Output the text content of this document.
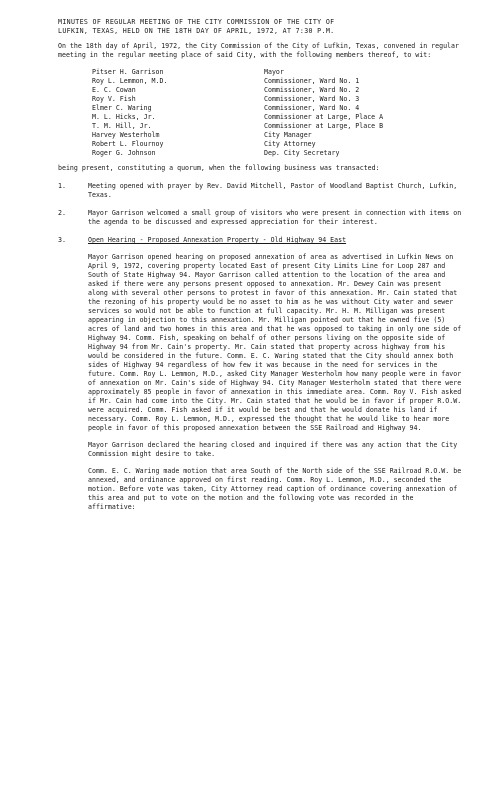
MINUTES OF REGULAR MEETING OF THE CITY COMMISSION OF THE CITY OF
LUFKIN, TEXAS, HELD ON THE 18TH DAY OF APRIL, 1972, AT 7:30 P.M.
On the 18th day of April, 1972, the City Commission of the City of Lufkin, Texas, convened in regular meeting in the regular meeting place of said City, with the following members thereof, to wit:
Pitser H. Garrison	Mayor
Roy L. Lemmon, M.D.	Commissioner, Ward No. 1
E. C. Cowan	Commissioner, Ward No. 2
Roy V. Fish	Commissioner, Ward No. 3
Elmer C. Waring	Commissioner, Ward No. 4
M. L. Hicks, Jr.	Commissioner at Large, Place A
T. M. Hill, Jr.	Commissioner at Large, Place B
Harvey Westerholm	City Manager
Robert L. Flournoy	City Attorney
Roger G. Johnson	Dep. City Secretary
being present, constituting a quorum, when the following business was transacted:
1.	Meeting opened with prayer by Rev. David Mitchell, Pastor of Woodland Baptist Church, Lufkin, Texas.
2.	Mayor Garrison welcomed a small group of visitors who were present in connection with items on the agenda to be discussed and expressed appreciation for their interest.
3.	Open Hearing - Proposed Annexation Property - Old Highway 94 East
Mayor Garrison opened hearing on proposed annexation of area as advertised in Lufkin News on April 9, 1972, covering property located East of present City Limits Line for Loop 287 and South of State Highway 94. Mayor Garrison called attention to the location of the area and asked if there were any persons present opposed to annexation. Mr. Dewey Cain was present along with several other persons to protest in favor of this annexation. Mr. Cain stated that the rezoning of his property would be no asset to him as he was without City water and sewer services so would not be able to function at full capacity. Mr. H. M. Milligan was present appearing in objection to this annexation. Mr. Milligan pointed out that he owned five (5) acres of land and two homes in this area and that he was opposed to taking in only one side of Highway 94. Comm. Fish, speaking on behalf of other persons living on the opposite side of Highway 94 from Mr. Cain's property. Mr. Cain stated that property across highway from his would be considered in the future. Comm. E. C. Waring stated that the City should annex both sides of Highway 94 regardless of how few it was because in the need for services in the future. Comm. Roy L. Lemmon, M.D., asked City Manager Westerholm how many people were in favor of annexation on Mr. Cain's side of Highway 94. City Manager Westerholm stated that there were approximately 85 people in favor of annexation in this immediate area. Comm. Roy V. Fish asked if Mr. Cain had come into the City. Mr. Cain stated that he would be in favor if proper R.O.W. were acquired. Comm. Fish asked if it would be best and that he would donate his land if necessary. Comm. Roy L. Lemmon, M.D., expressed the thought that he would like to hear more people in favor of this proposed annexation between the SSE Railroad and Highway 94.
Mayor Garrison declared the hearing closed and inquired if there was any action that the City Commission might desire to take.
Comm. E. C. Waring made motion that area South of the North side of the SSE Railroad R.O.W. be annexed, and ordinance approved on first reading. Comm. Roy L. Lemmon, M.D., seconded the motion. Before vote was taken, City Attorney read caption of ordinance covering annexation of this area and put to vote on the motion and the following vote was recorded in the affirmative:
